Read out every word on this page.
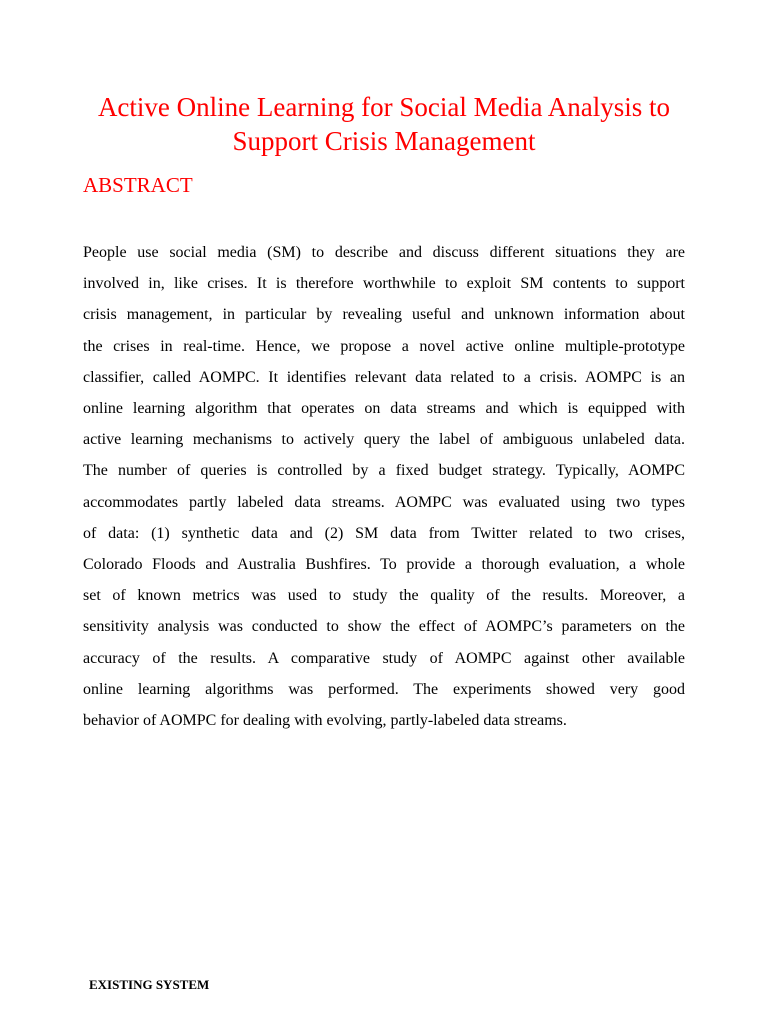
Active Online Learning for Social Media Analysis to
Support Crisis Management
ABSTRACT
People use social media (SM) to describe and discuss different situations they are
involved in, like crises. It is therefore worthwhile to exploit SM contents to support
crisis management, in particular by revealing useful and unknown information about
the crises in real-time. Hence, we propose a novel active online multiple-prototype
classifier, called AOMPC. It identifies relevant data related to a crisis. AOMPC is an
online learning algorithm that operates on data streams and which is equipped with
active learning mechanisms to actively query the label of ambiguous unlabeled data.
The number of queries is controlled by a fixed budget strategy. Typically, AOMPC
accommodates partly labeled data streams. AOMPC was evaluated using two types
of data: (1) synthetic data and (2) SM data from Twitter related to two crises,
Colorado Floods and Australia Bushfires. To provide a thorough evaluation, a whole
set of known metrics was used to study the quality of the results. Moreover, a
sensitivity analysis was conducted to show the effect of AOMPC’s parameters on the
accuracy of the results. A comparative study of AOMPC against other available
online learning algorithms was performed. The experiments showed very good
behavior of AOMPC for dealing with evolving, partly-labeled data streams.
EXISTING SYSTEM
